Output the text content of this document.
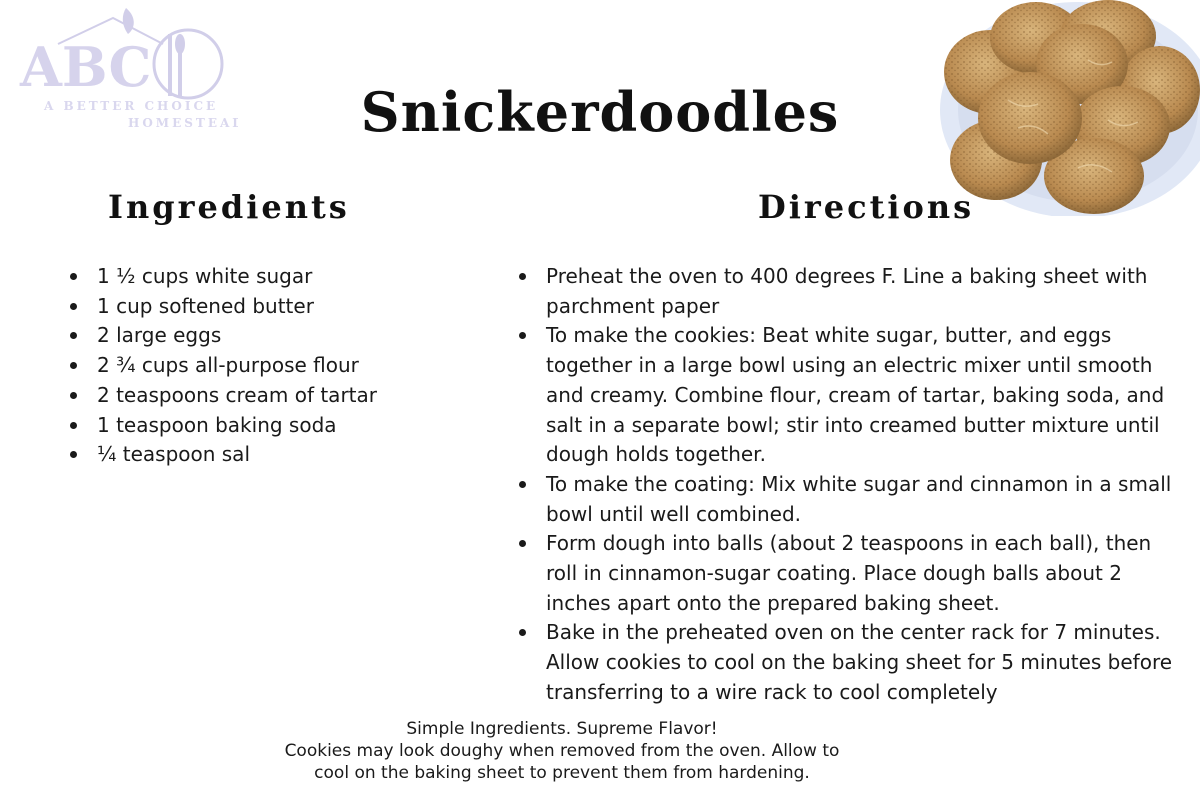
ABC
A BETTER CHOICE
HOMESTEAD	Snickerdoodles
Ingredients	Directions
1 ½ cups white sugar
1 cup softened butter
2 large eggs
2 ¾ cups all-purpose flour
2 teaspoons cream of tartar
1 teaspoon baking soda
¼ teaspoon sal
Preheat the oven to 400 degrees F. Line a baking sheet with parchment paper
To make the cookies: Beat white sugar, butter, and eggs together in a large bowl using an electric mixer until smooth and creamy. Combine flour, cream of tartar, baking soda, and salt in a separate bowl; stir into creamed butter mixture until dough holds together.
To make the coating: Mix white sugar and cinnamon in a small bowl until well combined.
Form dough into balls (about 2 teaspoons in each ball), then roll in cinnamon-sugar coating. Place dough balls about 2 inches apart onto the prepared baking sheet.
Bake in the preheated oven on the center rack for 7 minutes. Allow cookies to cool on the baking sheet for 5 minutes before transferring to a wire rack to cool completely
Simple Ingredients. Supreme Flavor!
Cookies may look doughy when removed from the oven. Allow to
cool on the baking sheet to prevent them from hardening.
